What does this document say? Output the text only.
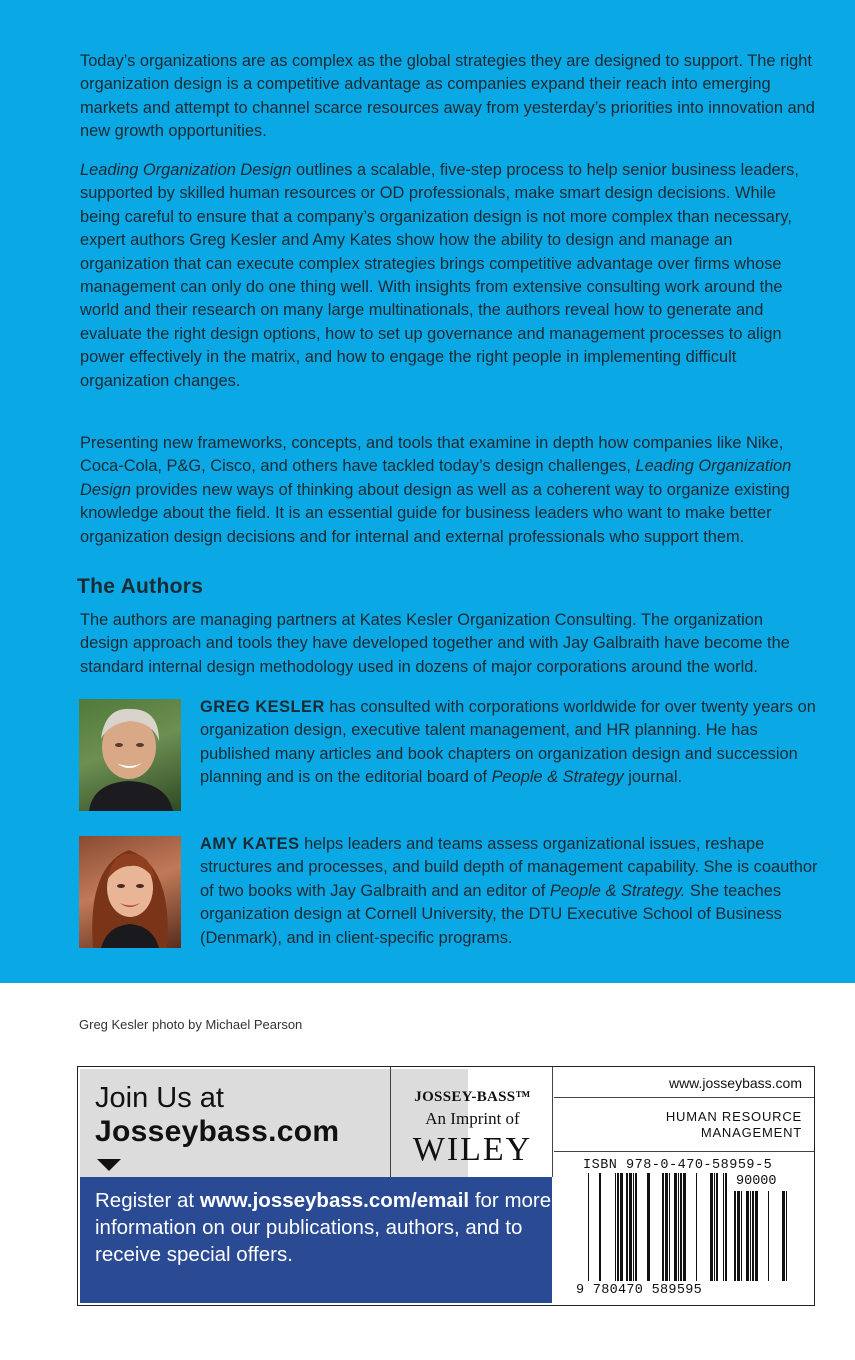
Today’s organizations are as complex as the global strategies they are designed to support. The right organization design is a competitive advantage as companies expand their reach into emerging markets and attempt to channel scarce resources away from yesterday’s priorities into innovation and new growth opportunities.

Leading Organization Design outlines a scalable, five-step process to help senior business leaders, supported by skilled human resources or OD professionals, make smart design decisions. While being careful to ensure that a company’s organization design is not more complex than necessary, expert authors Greg Kesler and Amy Kates show how the ability to design and manage an organization that can execute complex strategies brings competitive advantage over firms whose management can only do one thing well. With insights from extensive consulting work around the world and their research on many large multinationals, the authors reveal how to generate and evaluate the right design options, how to set up governance and management processes to align power effectively in the matrix, and how to engage the right people in implementing difficult organization changes.

Presenting new frameworks, concepts, and tools that examine in depth how companies like Nike, Coca-Cola, P&G, Cisco, and others have tackled today’s design challenges, Leading Organization Design provides new ways of thinking about design as well as a coherent way to organize existing knowledge about the field. It is an essential guide for business leaders who want to make better organization design decisions and for internal and external professionals who support them.

The Authors

The authors are managing partners at Kates Kesler Organization Consulting. The organization design approach and tools they have developed together and with Jay Galbraith have become the standard internal design methodology used in dozens of major corporations around the world.

GREG KESLER has consulted with corporations worldwide for over twenty years on organization design, executive talent management, and HR planning. He has published many articles and book chapters on organization design and succession planning and is on the editorial board of People & Strategy journal.

AMY KATES helps leaders and teams assess organizational issues, reshape structures and processes, and build depth of management capability. She is coauthor of two books with Jay Galbraith and an editor of People & Strategy. She teaches organization design at Cornell University, the DTU Executive School of Business (Denmark), and in client-specific programs.

Greg Kesler photo by Michael Pearson
Join Us at
Josseybass.com
JOSSEY-BASS™
An Imprint of
WILEY
Register at www.josseybass.com/email for more information on our publications, authors, and to receive special offers.
www.josseybass.com
HUMAN RESOURCE
MANAGEMENT
ISBN 978-0-470-58959-5
90000
9 780470 589595
